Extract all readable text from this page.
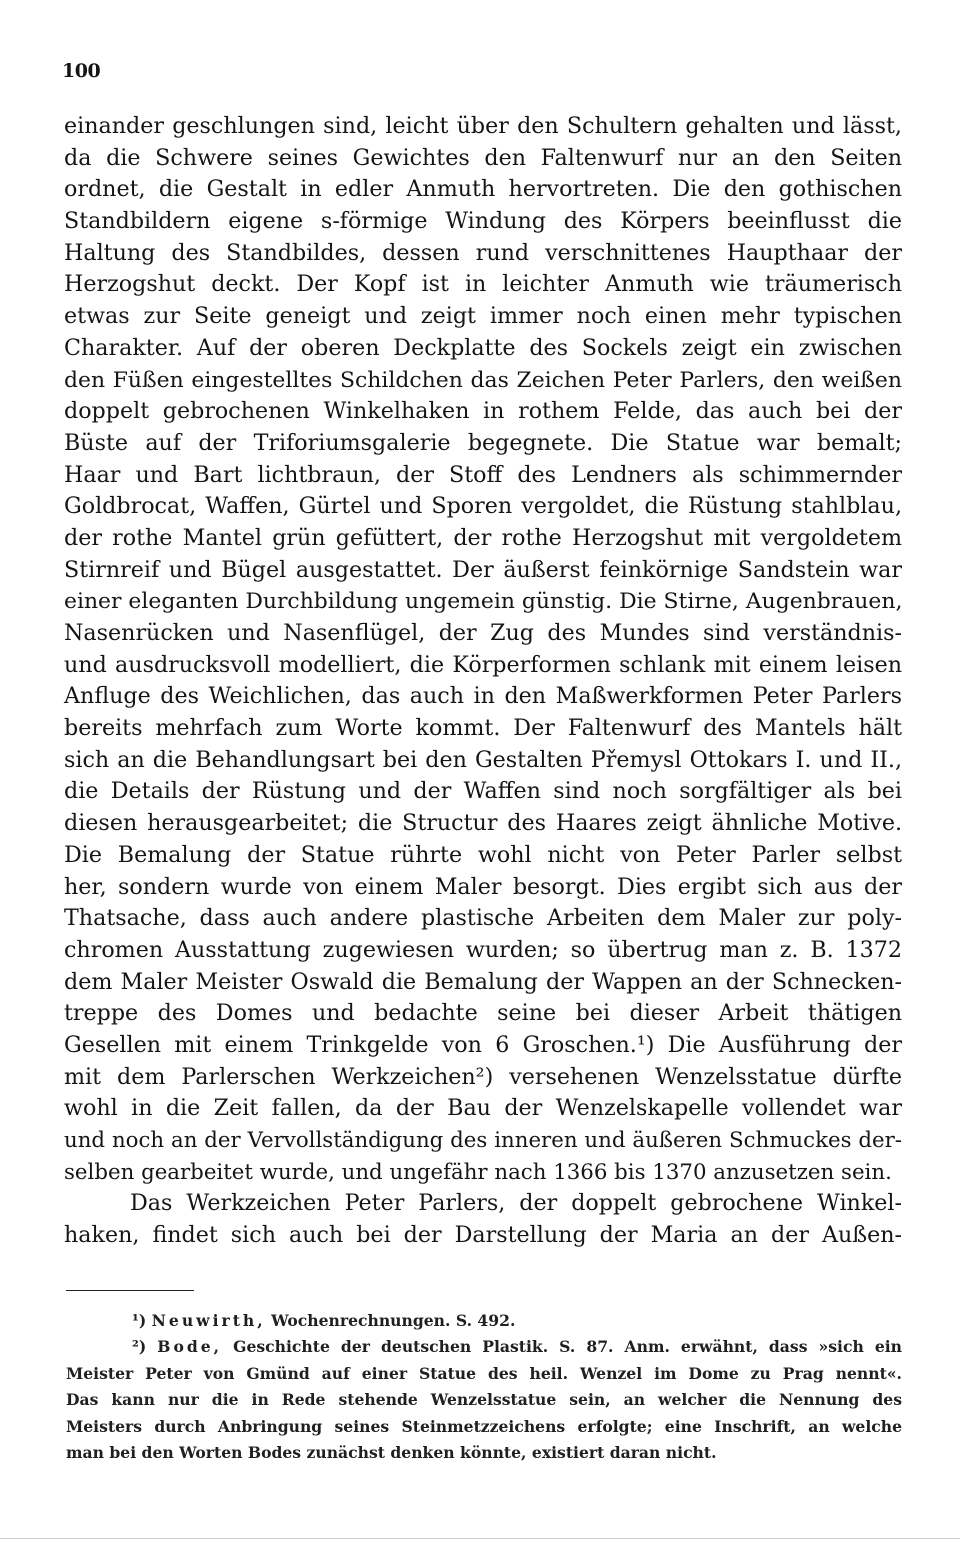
100
einander geschlungen sind, leicht über den Schultern gehalten und lässt,
da die Schwere seines Gewichtes den Faltenwurf nur an den Seiten
ordnet, die Gestalt in edler Anmuth hervortreten. Die den gothischen
Standbildern eigene s-förmige Windung des Körpers beeinflusst die
Haltung des Standbildes, dessen rund verschnittenes Haupthaar der
Herzogshut deckt. Der Kopf ist in leichter Anmuth wie träumerisch
etwas zur Seite geneigt und zeigt immer noch einen mehr typischen
Charakter. Auf der oberen Deckplatte des Sockels zeigt ein zwischen
den Füßen eingestelltes Schildchen das Zeichen Peter Parlers, den weißen
doppelt gebrochenen Winkelhaken in rothem Felde, das auch bei der
Büste auf der Triforiumsgalerie begegnete. Die Statue war bemalt;
Haar und Bart lichtbraun, der Stoff des Lendners als schimmernder
Goldbrocat, Waffen, Gürtel und Sporen vergoldet, die Rüstung stahlblau,
der rothe Mantel grün gefüttert, der rothe Herzogshut mit vergoldetem
Stirnreif und Bügel ausgestattet. Der äußerst feinkörnige Sandstein war
einer eleganten Durchbildung ungemein günstig. Die Stirne, Augenbrauen,
Nasenrücken und Nasenflügel, der Zug des Mundes sind verständnis-
und ausdrucksvoll modelliert, die Körperformen schlank mit einem leisen
Anfluge des Weichlichen, das auch in den Maßwerkformen Peter Parlers
bereits mehrfach zum Worte kommt. Der Faltenwurf des Mantels hält
sich an die Behandlungsart bei den Gestalten Přemysl Ottokars I. und II.,
die Details der Rüstung und der Waffen sind noch sorgfältiger als bei
diesen herausgearbeitet; die Structur des Haares zeigt ähnliche Motive.
Die Bemalung der Statue rührte wohl nicht von Peter Parler selbst
her, sondern wurde von einem Maler besorgt. Dies ergibt sich aus der
Thatsache, dass auch andere plastische Arbeiten dem Maler zur poly-
chromen Ausstattung zugewiesen wurden; so übertrug man z. B. 1372
dem Maler Meister Oswald die Bemalung der Wappen an der Schnecken-
treppe des Domes und bedachte seine bei dieser Arbeit thätigen
Gesellen mit einem Trinkgelde von 6 Groschen.¹) Die Ausführung der
mit dem Parlerschen Werkzeichen²) versehenen Wenzelsstatue dürfte
wohl in die Zeit fallen, da der Bau der Wenzelskapelle vollendet war
und noch an der Vervollständigung des inneren und äußeren Schmuckes der-
selben gearbeitet wurde, und ungefähr nach 1366 bis 1370 anzusetzen sein.
Das Werkzeichen Peter Parlers, der doppelt gebrochene Winkel-
haken, findet sich auch bei der Darstellung der Maria an der Außen-
¹) Neuwirth, Wochenrechnungen. S. 492.
²) Bode, Geschichte der deutschen Plastik. S. 87. Anm. erwähnt, dass »sich ein
Meister Peter von Gmünd auf einer Statue des heil. Wenzel im Dome zu Prag nennt«.
Das kann nur die in Rede stehende Wenzelsstatue sein, an welcher die Nennung des
Meisters durch Anbringung seines Steinmetzzeichens erfolgte; eine Inschrift, an welche
man bei den Worten Bodes zunächst denken könnte, existiert daran nicht.
